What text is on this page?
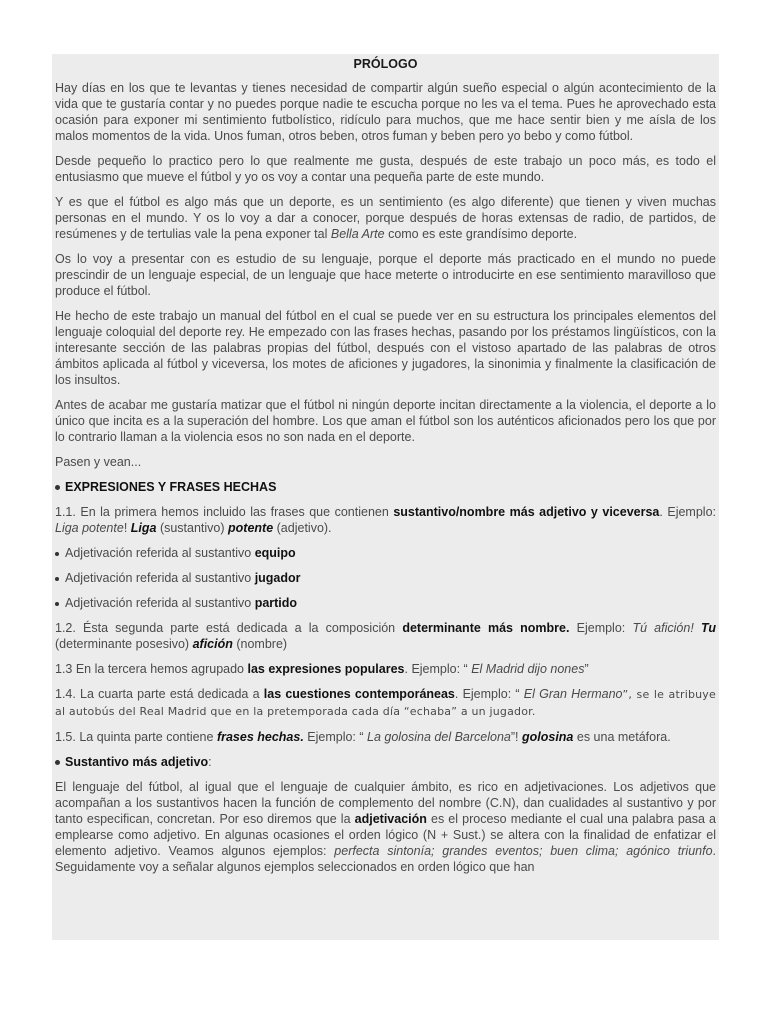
PRÓLOGO

Hay días en los que te levantas y tienes necesidad de compartir algún sueño especial o algún acontecimiento de la vida que te gustaría contar y no puedes porque nadie te escucha porque no les va el tema. Pues he aprovechado esta ocasión para exponer mi sentimiento futbolístico, ridículo para muchos, que me hace sentir bien y me aísla de los malos momentos de la vida. Unos fuman, otros beben, otros fuman y beben pero yo bebo y como fútbol.

Desde pequeño lo practico pero lo que realmente me gusta, después de este trabajo un poco más, es todo el entusiasmo que mueve el fútbol y yo os voy a contar una pequeña parte de este mundo.

Y es que el fútbol es algo más que un deporte, es un sentimiento (es algo diferente) que tienen y viven muchas personas en el mundo. Y os lo voy a dar a conocer, porque después de horas extensas de radio, de partidos, de resúmenes y de tertulias vale la pena exponer tal Bella Arte como es este grandísimo deporte.

Os lo voy a presentar con es estudio de su lenguaje, porque el deporte más practicado en el mundo no puede prescindir de un lenguaje especial, de un lenguaje que hace meterte o introducirte en ese sentimiento maravilloso que produce el fútbol.

He hecho de este trabajo un manual del fútbol en el cual se puede ver en su estructura los principales elementos del lenguaje coloquial del deporte rey. He empezado con las frases hechas, pasando por los préstamos lingüísticos, con la interesante sección de las palabras propias del fútbol, después con el vistoso apartado de las palabras de otros ámbitos aplicada al fútbol y viceversa, los motes de aficiones y jugadores, la sinonimia y finalmente la clasificación de los insultos.

Antes de acabar me gustaría matizar que el fútbol ni ningún deporte incitan directamente a la violencia, el deporte a lo único que incita es a la superación del hombre. Los que aman el fútbol son los auténticos aficionados pero los que por lo contrario llaman a la violencia esos no son nada en el deporte.

Pasen y vean...

EXPRESIONES Y FRASES HECHAS

1.1. En la primera hemos incluido las frases que contienen sustantivo/nombre más adjetivo y viceversa. Ejemplo: Liga potente! Liga (sustantivo) potente (adjetivo).

Adjetivación referida al sustantivo equipo
Adjetivación referida al sustantivo jugador
Adjetivación referida al sustantivo partido

1.2. Ésta segunda parte está dedicada a la composición determinante más nombre. Ejemplo: Tú afición! Tu (determinante posesivo) afición (nombre)

1.3 En la tercera hemos agrupado las expresiones populares. Ejemplo: “ El Madrid dijo nones”

1.4. La cuarta parte está dedicada a las cuestiones contemporáneas. Ejemplo: “ El Gran Hermano”, se le atribuye al autobús del Real Madrid que en la pretemporada cada día “echaba” a un jugador.

1.5. La quinta parte contiene frases hechas. Ejemplo: “ La golosina del Barcelona”! golosina es una metáfora.

Sustantivo más adjetivo:

El lenguaje del fútbol, al igual que el lenguaje de cualquier ámbito, es rico en adjetivaciones. Los adjetivos que acompañan a los sustantivos hacen la función de complemento del nombre (C.N), dan cualidades al sustantivo y por tanto especifican, concretan. Por eso diremos que la adjetivación es el proceso mediante el cual una palabra pasa a emplearse como adjetivo. En algunas ocasiones el orden lógico (N + Sust.) se altera con la finalidad de enfatizar el elemento adjetivo. Veamos algunos ejemplos: perfecta sintonía; grandes eventos; buen clima; agónico triunfo. Seguidamente voy a señalar algunos ejemplos seleccionados en orden lógico que han
